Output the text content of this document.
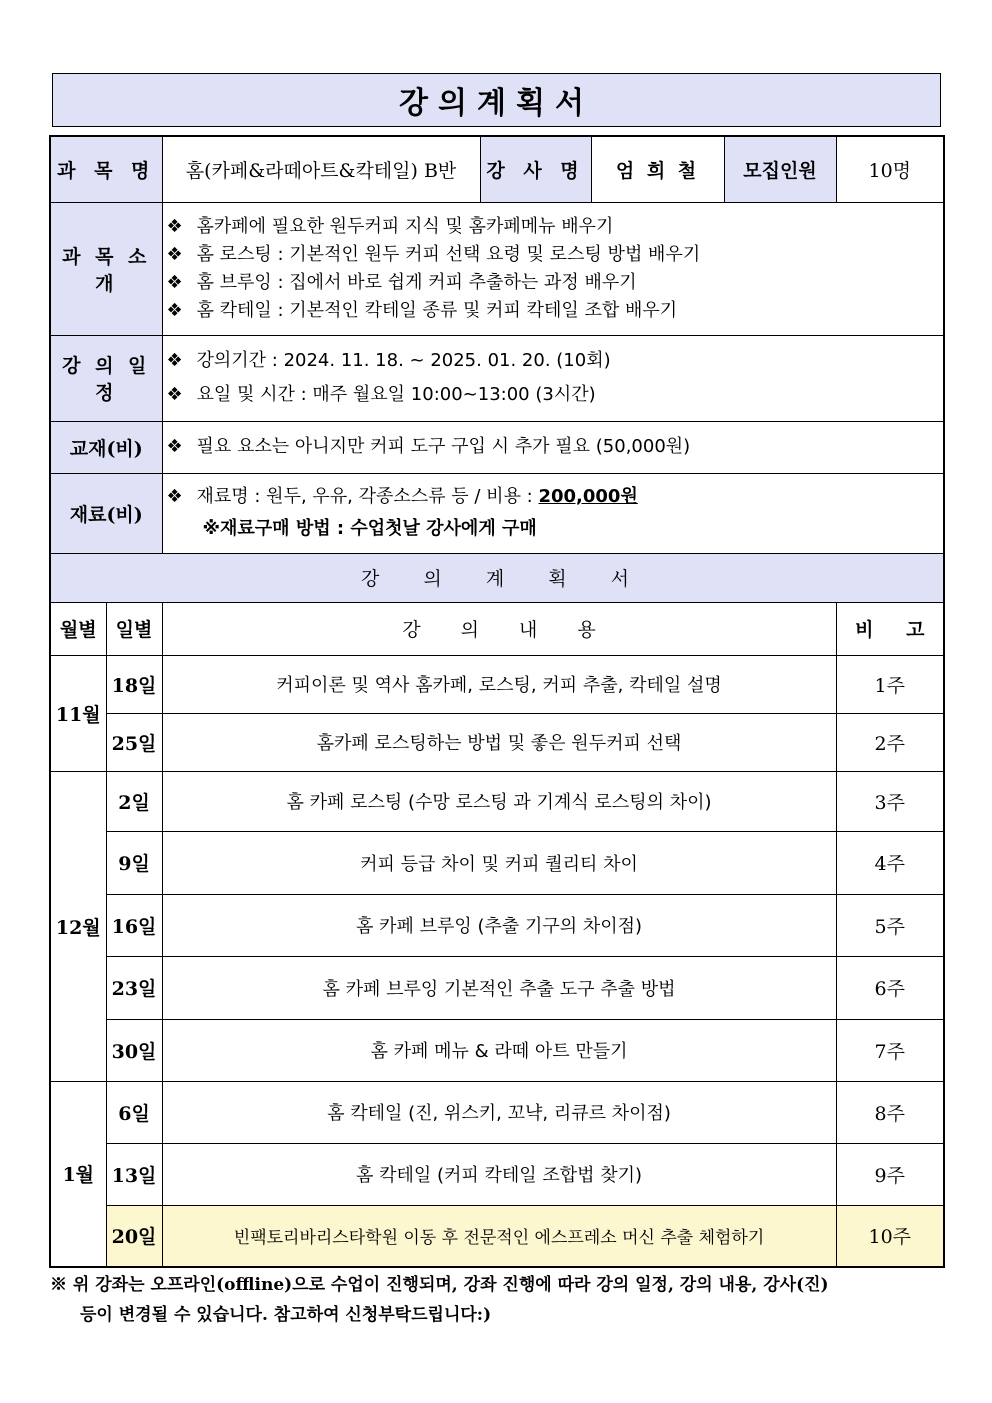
강의계획서
과 목 명		홈(카페&라떼아트&칵테일) B반	강 사 명	엄 희 철	모집인원	10명
과 목 소 개		❖ 홈카페에 필요한 원두커피 지식 및 홈카페메뉴 배우기
❖ 홈 로스팅 : 기본적인 원두 커피 선택 요령 및 로스팅 방법 배우기
❖ 홈 브루잉 : 집에서 바로 쉽게 커피 추출하는 과정 배우기
❖ 홈 칵테일 : 기본적인 칵테일 종류 및 커피 칵테일 조합 배우기				

강 의 일 정		❖ 강의기간 : 2024. 11. 18. ~ 2025. 01. 20. (10회)
❖ 요일 및 시간 : 매주 월요일 10:00~13:00 (3시간)				

교재(비)		❖ 필요 요소는 아니지만 커피 도구 구입 시 추가 필요 (50,000원)				
재료(비)		❖ 재료명 : 원두, 우유, 각종소스류 등 / 비용 : 200,000원
※재료구매 방법 : 수업첫날 강사에게 구매				

강 의 계 획 서						
월별	일별	강 의 내 용				비 고
11월	18일	커피이론 및 역사 홈카페, 로스팅, 커피 추출, 칵테일 설명				1주
	25일	홈카페 로스팅하는 방법 및 좋은 원두커피 선택				2주
12월	2일	홈 카페 로스팅 (수망 로스팅 과 기계식 로스팅의 차이)				3주
	9일	커피 등급 차이 및 커피 퀄리티 차이				4주
	16일	홈 카페 브루잉 (추출 기구의 차이점)				5주
	23일	홈 카페 브루잉 기본적인 추출 도구 추출 방법				6주
	30일	홈 카페 메뉴 & 라떼 아트 만들기				7주
1월	6일	홈 칵테일 (진, 위스키, 꼬냑, 리큐르 차이점)				8주
	13일	홈 칵테일 (커피 칵테일 조합법 찾기)				9주
	20일	빈팩토리바리스타학원 이동 후 전문적인 에스프레소 머신 추출 체험하기				10주
※ 위 강좌는 오프라인(offline)으로 수업이 진행되며, 강좌 진행에 따라 강의 일정, 강의 내용, 강사(진)
등이 변경될 수 있습니다. 참고하여 신청부탁드립니다:)
